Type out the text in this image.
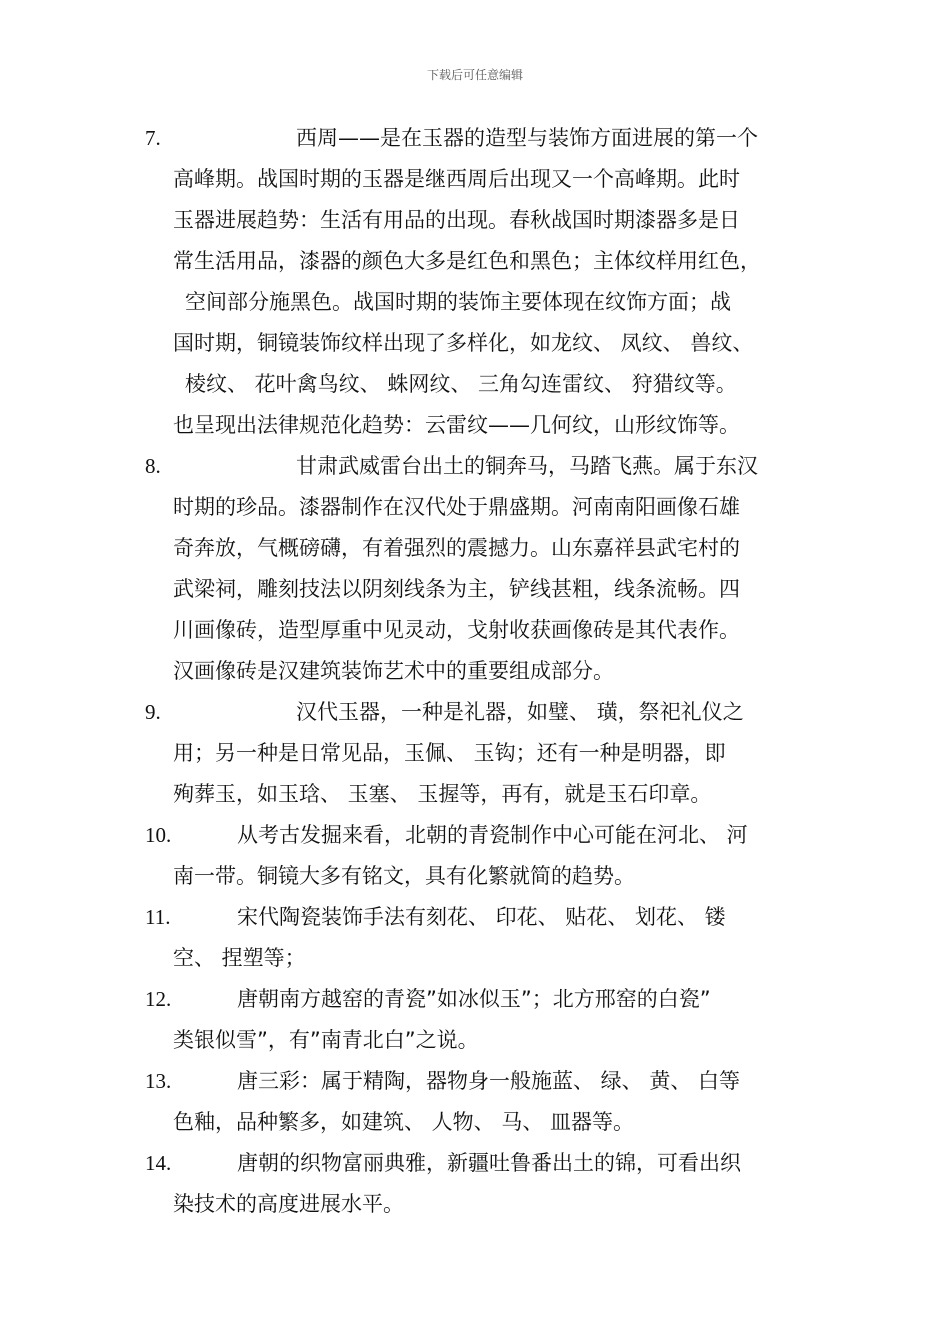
下载后可任意编辑
7.	西周——是在玉器的造型与装饰方面进展的第一个
高峰期。战国时期的玉器是继西周后出现又一个高峰期。此时
玉器进展趋势：生活有用品的出现。春秋战国时期漆器多是日
常生活用品，漆器的颜色大多是红色和黑色；主体纹样用红色，
空间部分施黑色。战国时期的装饰主要体现在纹饰方面；战
国时期，铜镜装饰纹样出现了多样化，如龙纹、 凤纹、 兽纹、
棱纹、 花叶禽鸟纹、 蛛网纹、 三角勾连雷纹、 狩猎纹等。
也呈现出法律规范化趋势：云雷纹——几何纹，山形纹饰等。
8.	甘肃武威雷台出土的铜奔马，马踏飞燕。属于东汉
时期的珍品。漆器制作在汉代处于鼎盛期。河南南阳画像石雄
奇奔放，气概磅礴，有着强烈的震撼力。山东嘉祥县武宅村的
武梁祠，雕刻技法以阴刻线条为主，铲线甚粗，线条流畅。四
川画像砖，造型厚重中见灵动，戈射收获画像砖是其代表作。
汉画像砖是汉建筑装饰艺术中的重要组成部分。
9.	汉代玉器，一种是礼器，如璧、 璜，祭祀礼仪之
用；另一种是日常见品，玉佩、 玉钩；还有一种是明器，即
殉葬玉，如玉琀、 玉塞、 玉握等，再有，就是玉石印章。
10.	从考古发掘来看，北朝的青瓷制作中心可能在河北、 河
南一带。铜镜大多有铭文，具有化繁就简的趋势。
11.	宋代陶瓷装饰手法有刻花、 印花、 贴花、 划花、 镂
空、 捏塑等；
12.	唐朝南方越窑的青瓷”如冰似玉”；北方邢窑的白瓷”
类银似雪”，有”南青北白”之说。
13.	唐三彩：属于精陶，器物身一般施蓝、 绿、 黄、 白等
色釉，品种繁多，如建筑、 人物、 马、 皿器等。
14.	唐朝的织物富丽典雅，新疆吐鲁番出土的锦，可看出织
染技术的高度进展水平。
